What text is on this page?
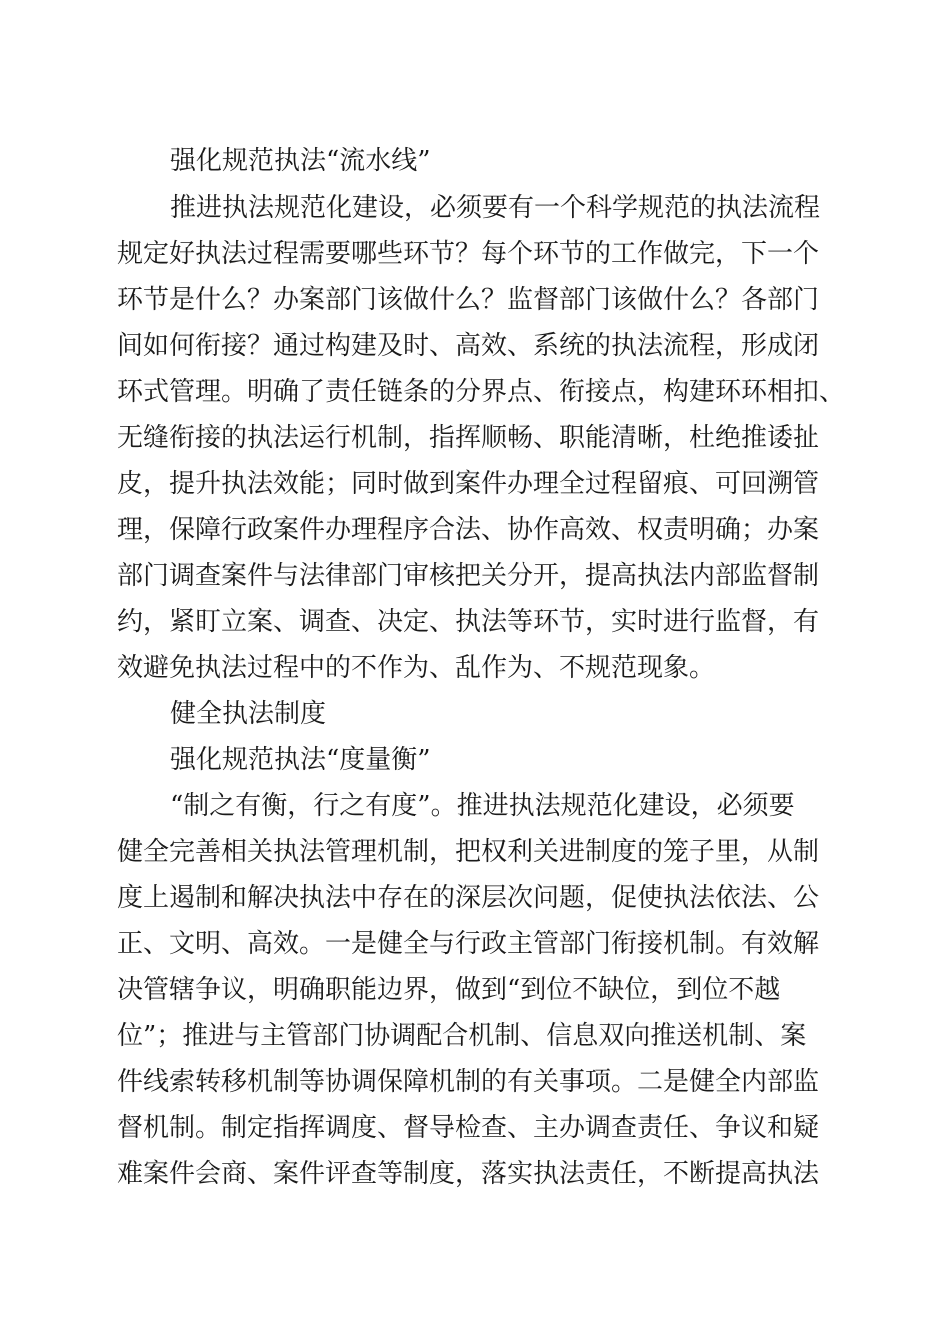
强化规范执法“流水线”
推进执法规范化建设，必须要有一个科学规范的执法流程
规定好执法过程需要哪些环节？每个环节的工作做完，下一个
环节是什么？办案部门该做什么？监督部门该做什么？各部门
间如何衔接？通过构建及时、高效、系统的执法流程，形成闭
环式管理。明确了责任链条的分界点、衔接点，构建环环相扣、
无缝衔接的执法运行机制，指挥顺畅、职能清晰，杜绝推诿扯
皮，提升执法效能；同时做到案件办理全过程留痕、可回溯管
理，保障行政案件办理程序合法、协作高效、权责明确；办案
部门调查案件与法律部门审核把关分开，提高执法内部监督制
约，紧盯立案、调查、决定、执法等环节，实时进行监督，有
效避免执法过程中的不作为、乱作为、不规范现象。
健全执法制度
强化规范执法“度量衡”
“制之有衡，行之有度”。推进执法规范化建设，必须要
健全完善相关执法管理机制，把权利关进制度的笼子里，从制
度上遏制和解决执法中存在的深层次问题，促使执法依法、公
正、文明、高效。一是健全与行政主管部门衔接机制。有效解
决管辖争议，明确职能边界，做到“到位不缺位，到位不越
位”；推进与主管部门协调配合机制、信息双向推送机制、案
件线索转移机制等协调保障机制的有关事项。二是健全内部监
督机制。制定指挥调度、督导检查、主办调查责任、争议和疑
难案件会商、案件评查等制度，落实执法责任，不断提高执法
